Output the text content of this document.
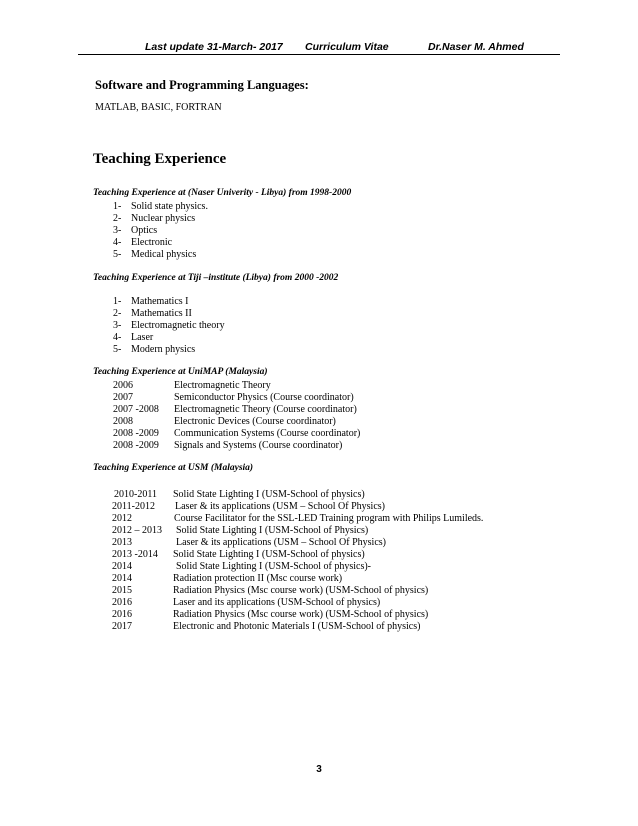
Last update 31-March- 2017 Curriculum Vitae	Dr.Naser M. Ahmed
Software and Programming Languages:
MATLAB, BASIC, FORTRAN
Teaching Experience
Teaching Experience at (Naser Univerity - Libya) from 1998-2000
1- Solid state physics.
2- Nuclear physics
3- Optics
4- Electronic
5- Medical physics
Teaching Experience at Tiji –institute (Libya) from 2000 -2002
1- Mathematics I
2- Mathematics II
3- Electromagnetic theory
4- Laser
5- Modern physics
Teaching Experience at UniMAP (Malaysia)
2006	Electromagnetic Theory
2007	Semiconductor Physics (Course coordinator)
2007 -2008 Electromagnetic Theory (Course coordinator)
2008	Electronic Devices (Course coordinator)
2008 -2009 Communication Systems (Course coordinator)
2008 -2009 Signals and Systems (Course coordinator)
Teaching Experience at USM (Malaysia)
2010-2011 Solid State Lighting I (USM-School of physics)
2011-2012 Laser & its applications (USM – School Of Physics)
2012	Course Facilitator for the SSL-LED Training program with Philips Lumileds.
2012 – 2013 Solid State Lighting I (USM-School of Physics)
2013	Laser & its applications (USM – School Of Physics)
2013 -2014 Solid State Lighting I (USM-School of physics)
2014	Solid State Lighting I (USM-School of physics)-
2014	Radiation protection II (Msc course work)
2015	Radiation Physics (Msc course work) (USM-School of physics)
2016	Laser and its applications (USM-School of physics)
2016	Radiation Physics (Msc course work) (USM-School of physics)
2017	Electronic and Photonic Materials I (USM-School of physics)
3
